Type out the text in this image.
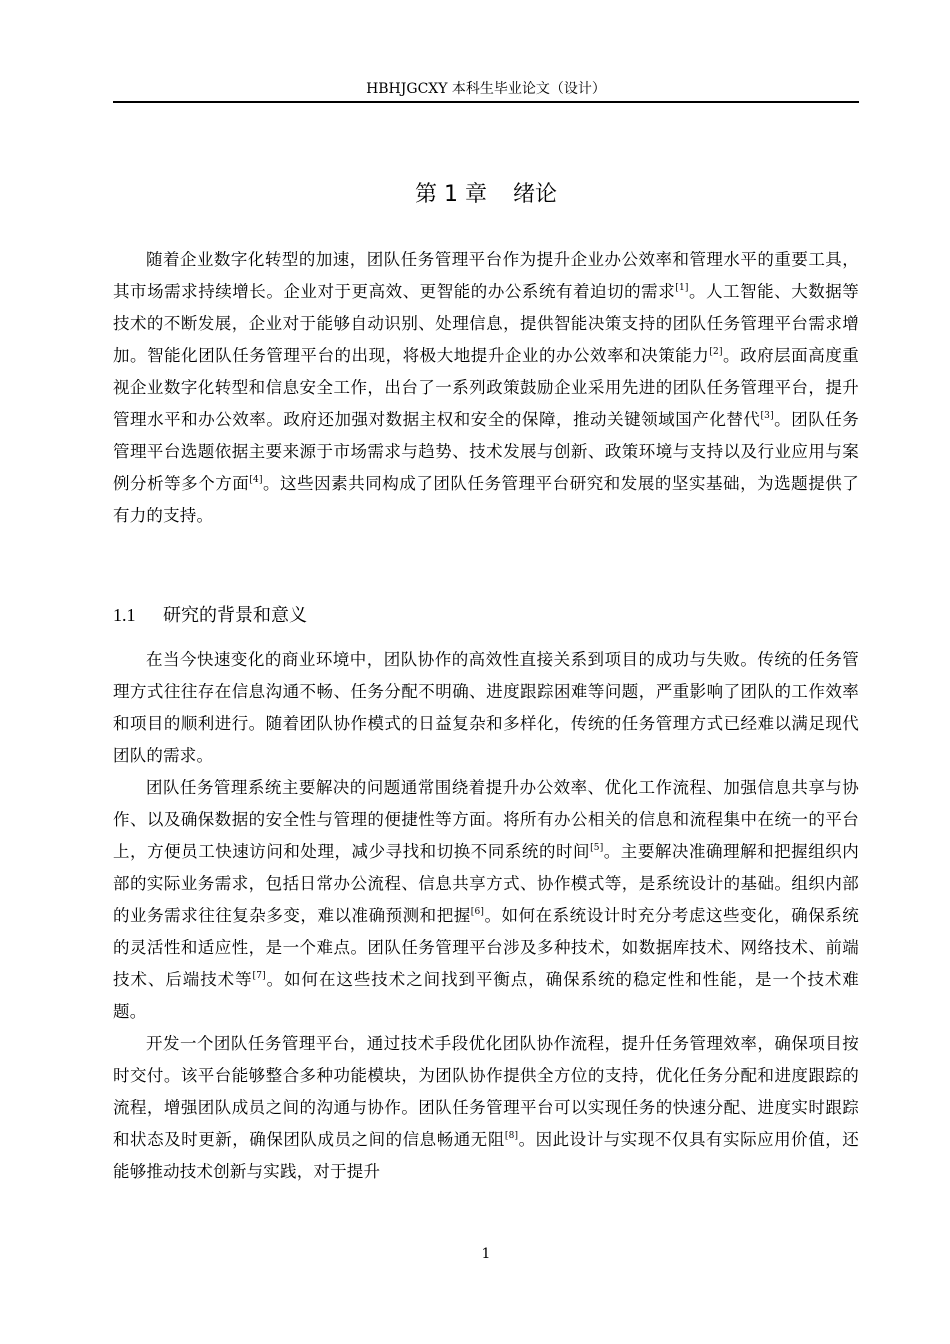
HBHJGCXY 本科生毕业论文（设计）
第 1 章 绪论

随着企业数字化转型的加速，团队任务管理平台作为提升企业办公效率和管理水平的重要工具，其市场需求持续增长。企业对于更高效、更智能的办公系统有着迫切的需求[1]。人工智能、大数据等技术的不断发展，企业对于能够自动识别、处理信息，提供智能决策支持的团队任务管理平台需求增加。智能化团队任务管理平台的出现，将极大地提升企业的办公效率和决策能力[2]。政府层面高度重视企业数字化转型和信息安全工作，出台了一系列政策鼓励企业采用先进的团队任务管理平台，提升管理水平和办公效率。政府还加强对数据主权和安全的保障，推动关键领域国产化替代[3]。团队任务管理平台选题依据主要来源于市场需求与趋势、技术发展与创新、政策环境与支持以及行业应用与案例分析等多个方面[4]。这些因素共同构成了团队任务管理平台研究和发展的坚实基础，为选题提供了有力的支持。

1.1 研究的背景和意义

在当今快速变化的商业环境中，团队协作的高效性直接关系到项目的成功与失败。传统的任务管理方式往往存在信息沟通不畅、任务分配不明确、进度跟踪困难等问题，严重影响了团队的工作效率和项目的顺利进行。随着团队协作模式的日益复杂和多样化，传统的任务管理方式已经难以满足现代团队的需求。

团队任务管理系统主要解决的问题通常围绕着提升办公效率、优化工作流程、加强信息共享与协作、以及确保数据的安全性与管理的便捷性等方面。将所有办公相关的信息和流程集中在统一的平台上，方便员工快速访问和处理，减少寻找和切换不同系统的时间[5]。主要解决准确理解和把握组织内部的实际业务需求，包括日常办公流程、信息共享方式、协作模式等，是系统设计的基础。组织内部的业务需求往往复杂多变，难以准确预测和把握[6]。如何在系统设计时充分考虑这些变化，确保系统的灵活性和适应性，是一个难点。团队任务管理平台涉及多种技术，如数据库技术、网络技术、前端技术、后端技术等[7]。如何在这些技术之间找到平衡点，确保系统的稳定性和性能，是一个技术难题。

开发一个团队任务管理平台，通过技术手段优化团队协作流程，提升任务管理效率，确保项目按时交付。该平台能够整合多种功能模块，为团队协作提供全方位的支持，优化任务分配和进度跟踪的流程，增强团队成员之间的沟通与协作。团队任务管理平台可以实现任务的快速分配、进度实时跟踪和状态及时更新，确保团队成员之间的信息畅通无阻[8]。因此设计与实现不仅具有实际应用价值，还能够推动技术创新与实践，对于提升

1
